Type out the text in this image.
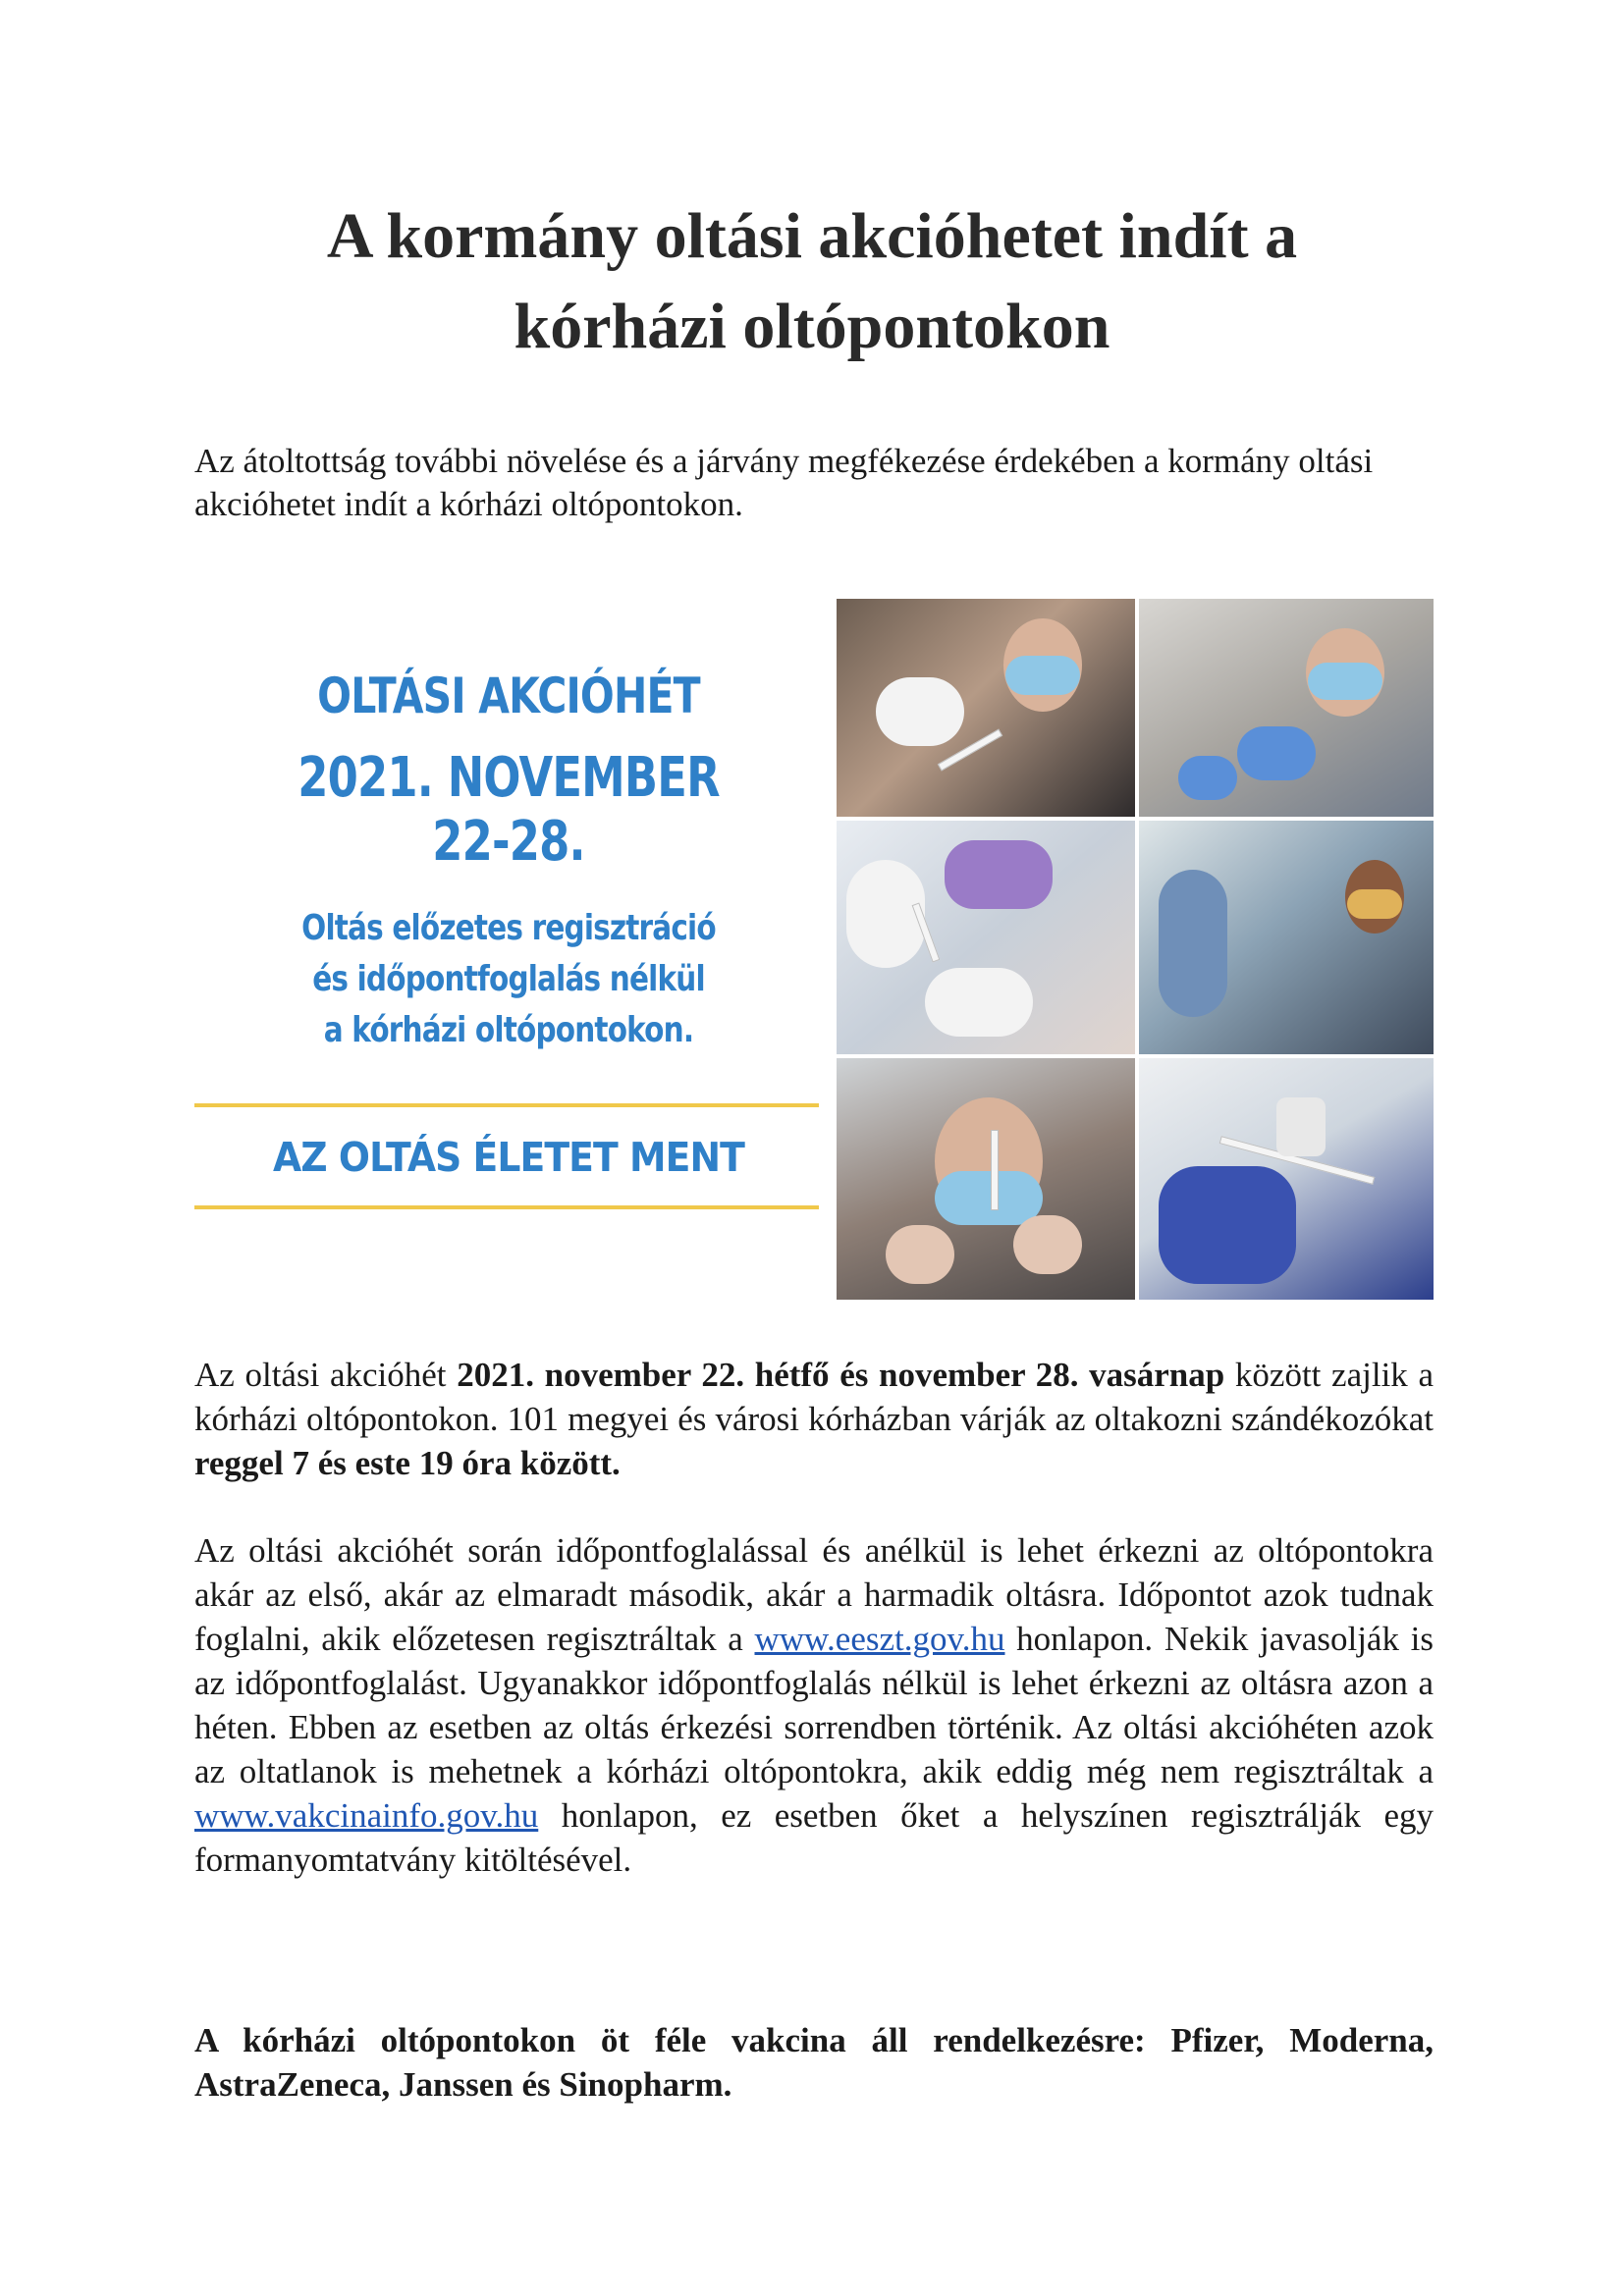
A kormány oltási akcióhetet indít a
kórházi oltópontokon

Az átoltottság további növelése és a járvány megfékezése érdekében a kormány oltási akcióhetet indít a kórházi oltópontokon.

OLTÁSI AKCIÓHÉT
2021. NOVEMBER 22-28.
Oltás előzetes regisztráció
és időpontfoglalás nélkül
a kórházi oltópontokon.
AZ OLTÁS ÉLETET MENT

Az oltási akcióhét 2021. november 22. hétfő és november 28. vasárnap között zajlik a kórházi oltópontokon. 101 megyei és városi kórházban várják az oltakozni szándékozókat reggel 7 és este 19 óra között.

Az oltási akcióhét során időpontfoglalással és anélkül is lehet érkezni az oltópontokra akár az első, akár az elmaradt második, akár a harmadik oltásra. Időpontot azok tudnak foglalni, akik előzetesen regisztráltak a www.eeszt.gov.hu honlapon. Nekik javasolják is az időpontfoglalást. Ugyanakkor időpontfoglalás nélkül is lehet érkezni az oltásra azon a héten. Ebben az esetben az oltás érkezési sorrendben történik. Az oltási akcióhéten azok az oltatlanok is mehetnek a kórházi oltópontokra, akik eddig még nem regisztráltak a www.vakcinainfo.gov.hu honlapon, ez esetben őket a helyszínen regisztrálják egy formanyomtatvány kitöltésével.

A kórházi oltópontokon öt féle vakcina áll rendelkezésre: Pfizer, Moderna, AstraZeneca, Janssen és Sinopharm.
